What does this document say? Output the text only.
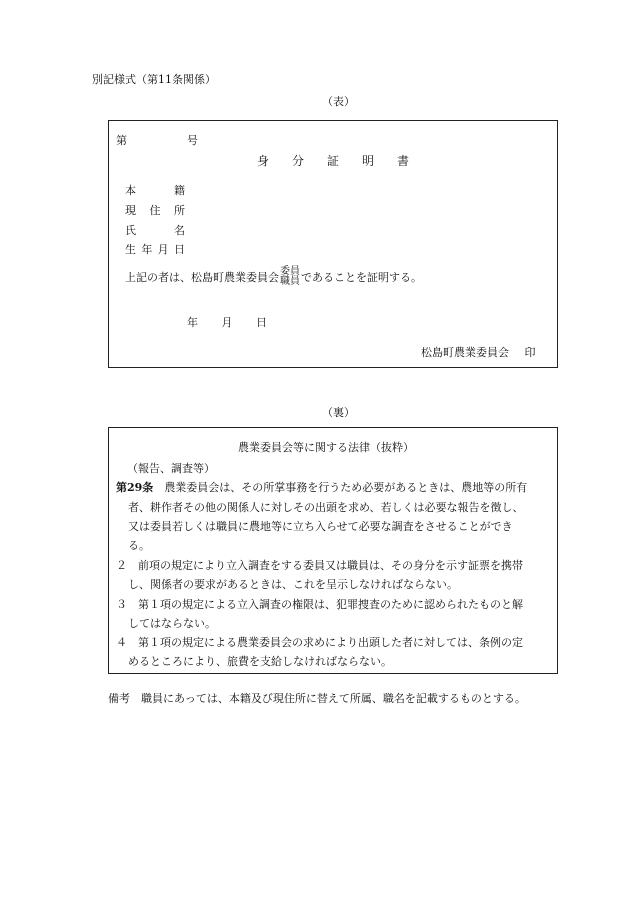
別記様式（第11条関係）
（表）
第	号
身 分 証 明 書
本	籍
現 住 所
氏	名
生 年 月 日
上記の者は、松島町農業委員会 委員
職員 であることを証明する。
年 月 日
松島町農業委員会 印
（裏）
農業委員会等に関する法律（抜粋）
（報告、調査等）
第29条 農業委員会は、その所掌事務を行うため必要があるときは、農地等の所有
者、耕作者その他の関係人に対しその出頭を求め、若しくは必要な報告を徴し、
又は委員若しくは職員に農地等に立ち入らせて必要な調査をさせることができ
る。
２　前項の規定により立入調査をする委員又は職員は、その身分を示す証票を携帯
し、関係者の要求があるときは、これを呈示しなければならない。
３　第１項の規定による立入調査の権限は、犯罪捜査のために認められたものと解
してはならない。
４　第１項の規定による農業委員会の求めにより出頭した者に対しては、条例の定
めるところにより、旅費を支給しなければならない。
備考　職員にあっては、本籍及び現住所に替えて所属、職名を記載するものとする。
